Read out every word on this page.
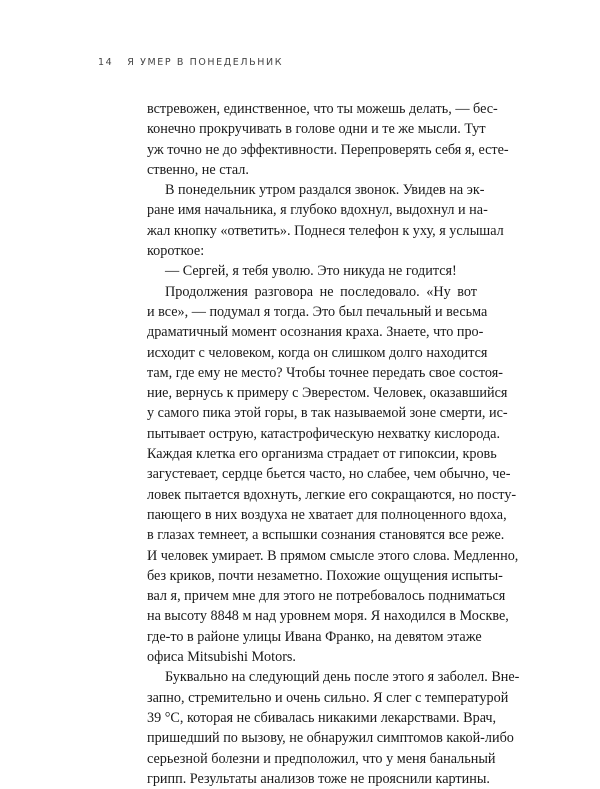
14 Я УМЕР В ПОНЕДЕЛЬНИК
встревожен, единственное, что ты можешь делать, — бес-
конечно прокручивать в голове одни и те же мысли. Тут
уж точно не до эффективности. Перепроверять себя я, есте-
ственно, не стал.
В понедельник утром раздался звонок. Увидев на эк-
ране имя начальника, я глубоко вдохнул, выдохнул и на-
жал кнопку «ответить». Поднеся телефон к уху, я услышал
короткое:
— Сергей, я тебя уволю. Это никуда не годится!
Продолжения разговора не последовало. «Ну вот
и все», — подумал я тогда. Это был печальный и весьма
драматичный момент осознания краха. Знаете, что про-
исходит с человеком, когда он слишком долго находится
там, где ему не место? Чтобы точнее передать свое состоя-
ние, вернусь к примеру с Эверестом. Человек, оказавшийся
у самого пика этой горы, в так называемой зоне смерти, ис-
пытывает острую, катастрофическую нехватку кислорода.
Каждая клетка его организма страдает от гипоксии, кровь
загустевает, сердце бьется часто, но слабее, чем обычно, че-
ловек пытается вдохнуть, легкие его сокращаются, но посту-
пающего в них воздуха не хватает для полноценного вдоха,
в глазах темнеет, а вспышки сознания становятся все реже.
И человек умирает. В прямом смысле этого слова. Медленно,
без криков, почти незаметно. Похожие ощущения испыты-
вал я, причем мне для этого не потребовалось подниматься
на высоту 8848 м над уровнем моря. Я находился в Москве,
где-то в районе улицы Ивана Франко, на девятом этаже
офиса Mitsubishi Motors.
Буквально на следующий день после этого я заболел. Вне-
запно, стремительно и очень сильно. Я слег с температурой
39 °С, которая не сбивалась никакими лекарствами. Врач,
пришедший по вызову, не обнаружил симптомов какой-либо
серьезной болезни и предположил, что у меня банальный
грипп. Результаты анализов тоже не прояснили картины.
